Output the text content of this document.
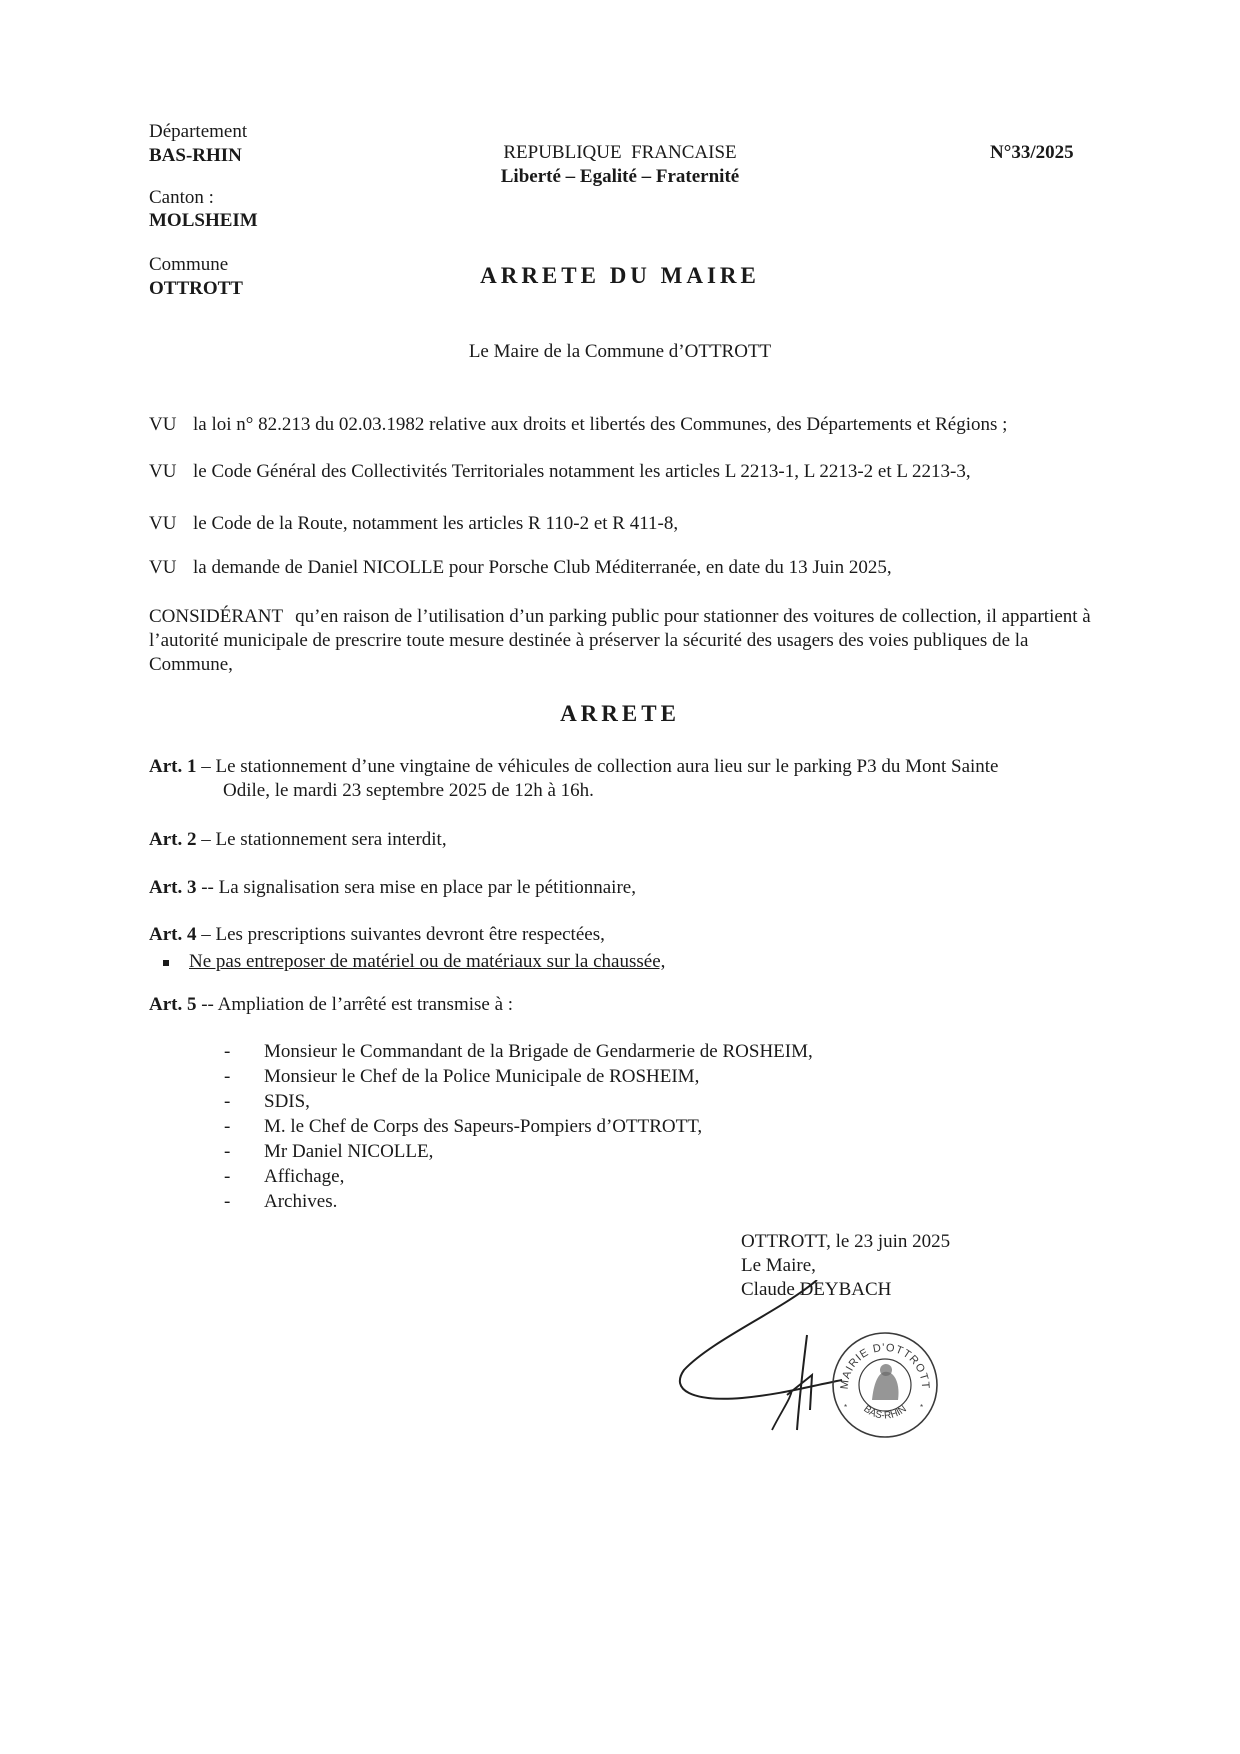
Département
BAS-RHIN
Canton :
MOLSHEIM
Commune
OTTROTT
REPUBLIQUE  FRANCAISE
Liberté – Egalité – Fraternité
N°33/2025
ARRETE DU MAIRE
Le Maire de la Commune d’OTTROTT
VU la loi n° 82.213 du 02.03.1982 relative aux droits et libertés des Communes, des Départements et Régions ;
VU le Code Général des Collectivités Territoriales notamment les articles L 2213-1, L 2213-2 et L 2213-3,
VU le Code de la Route, notamment les articles R 110-2 et R 411-8,
VU la demande de Daniel NICOLLE pour Porsche Club Méditerranée, en date du 13 Juin 2025,
CONSIDÉRANT qu’en raison de l’utilisation d’un parking public pour stationner des voitures de collection, il appartient à l’autorité municipale de prescrire toute mesure destinée à préserver la sécurité des usagers des voies publiques de la Commune,
ARRETE
Art. 1 – Le stationnement d’une vingtaine de véhicules de collection aura lieu sur le parking P3 du Mont Sainte
Odile, le mardi 23 septembre 2025 de 12h à 16h.
Art. 2 – Le stationnement sera interdit,
Art. 3 -- La signalisation sera mise en place par le pétitionnaire,
Art. 4 – Les prescriptions suivantes devront être respectées,
Ne pas entreposer de matériel ou de matériaux sur la chaussée,
Art. 5 -- Ampliation de l’arrêté est transmise à :
- Monsieur le Commandant de la Brigade de Gendarmerie de ROSHEIM,
- Monsieur le Chef de la Police Municipale de ROSHEIM,
- SDIS,
- M. le Chef de Corps des Sapeurs-Pompiers d’OTTROTT,
- Mr Daniel NICOLLE,
- Affichage,
- Archives.
OTTROTT, le 23 juin 2025
Le Maire,
Claude DEYBACH
MAIRIE D'OTTROTT
BAS-RHIN
*	*
